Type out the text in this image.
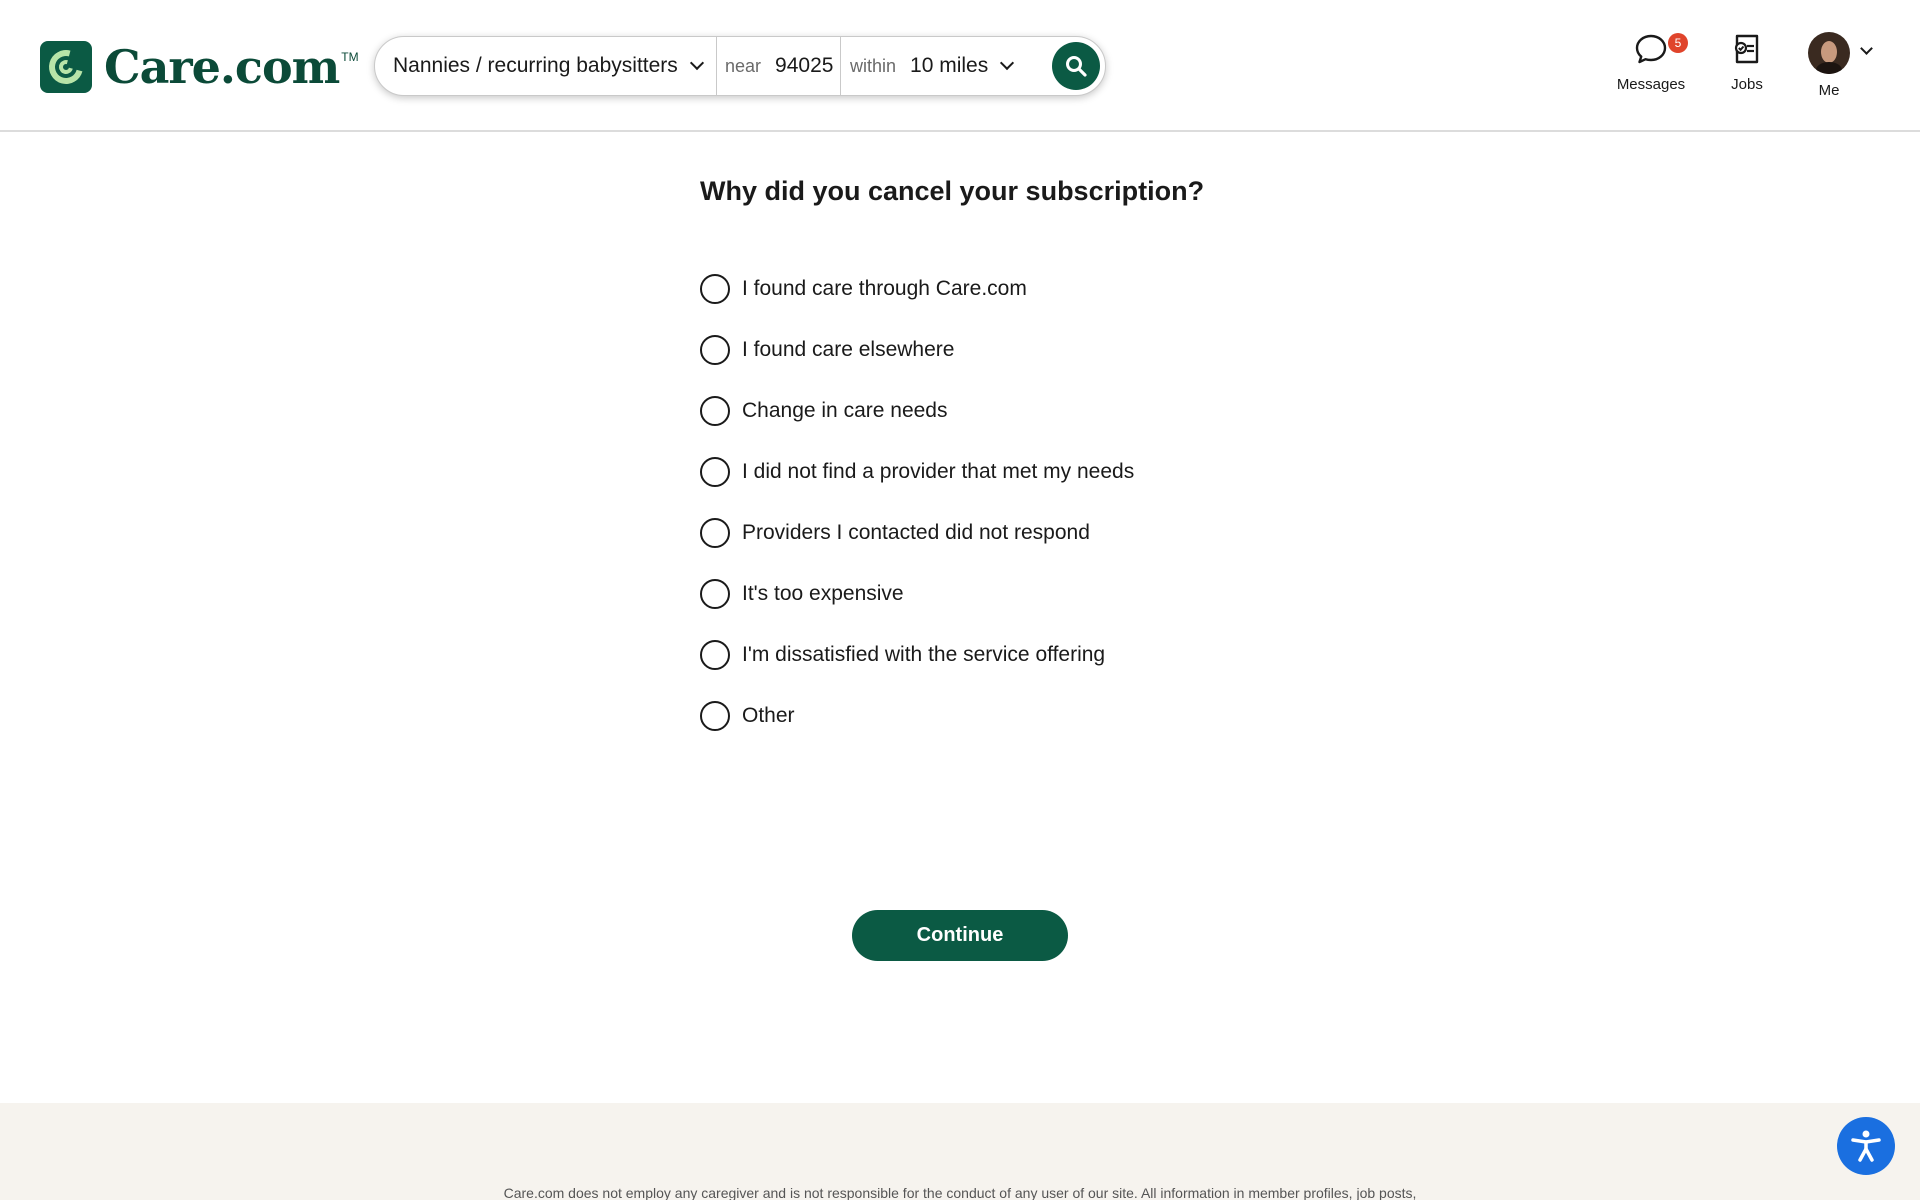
Care.com TM Nannies / recurring babysitters	near 94025 within 10 miles
5
Messages	Jobs	Me
Why did you cancel your subscription?
I found care through Care.com
I found care elsewhere
Change in care needs
I did not find a provider that met my needs
Providers I contacted did not respond
It's too expensive
I'm dissatisfied with the service offering
Other
Continue

Care.com does not employ any caregiver and is not responsible for the conduct of any user of our site. All information in member profiles, job posts,
